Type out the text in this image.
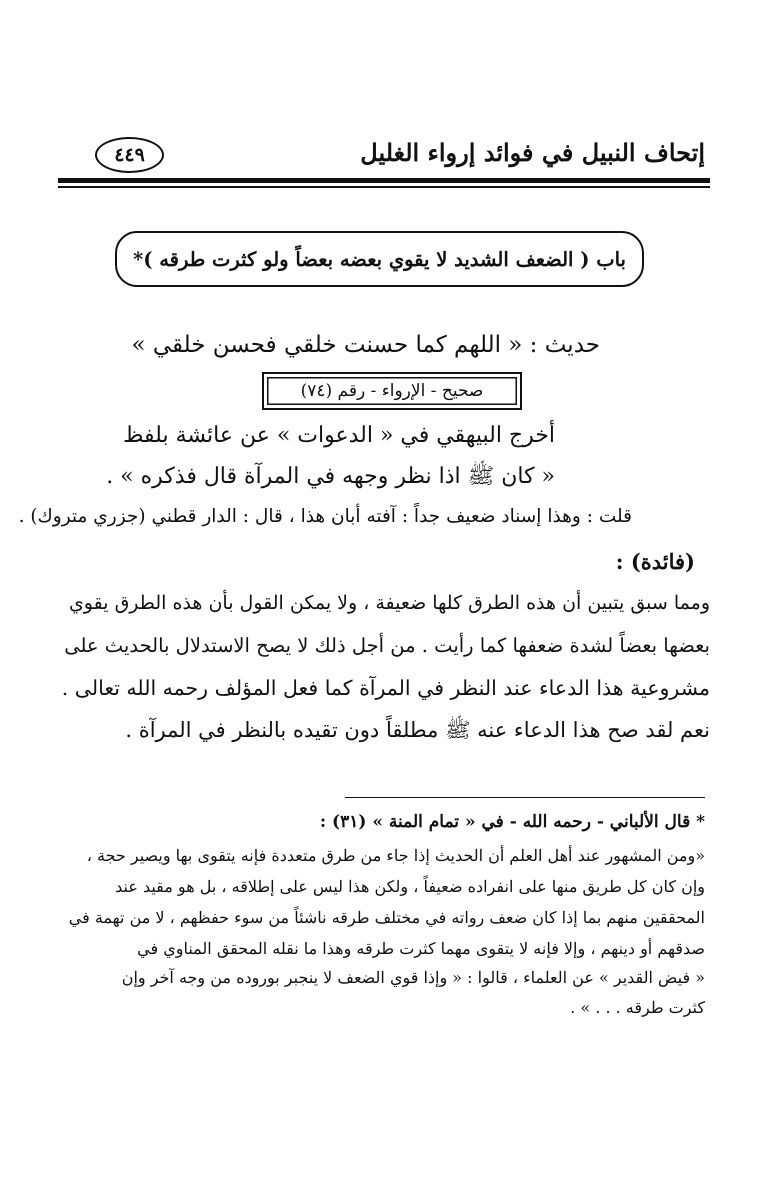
إتحاف النبيل في فوائد إرواء الغليل
٤٤٩
باب ( الضعف الشديد لا يقوي بعضه بعضاً ولو كثرت طرقه )*
حديث : « اللهم كما حسنت خلقي فحسن خلقي »
صحيح - الإرواء - رقم (٧٤)
أخرج البيهقي في « الدعوات » عن عائشة بلفظ
« كان ﷺ اذا نظر وجهه في المرآة قال فذكره » .
قلت : وهذا إسناد ضعيف جداً : آفته أبان هذا ، قال : الدار قطني (جزري متروك) .
(فائدة) :
ومما سبق يتبين أن هذه الطرق كلها ضعيفة ، ولا يمكن القول بأن هذه الطرق يقوي
بعضها بعضاً لشدة ضعفها كما رأيت . من أجل ذلك لا يصح الاستدلال بالحديث على
مشروعية هذا الدعاء عند النظر في المرآة كما فعل المؤلف رحمه الله تعالى .
نعم لقد صح هذا الدعاء عنه ﷺ مطلقاً دون تقيده بالنظر في المرآة .
* قال الألباني - رحمه الله - في « تمام المنة » (٣١) :
«ومن المشهور عند أهل العلم أن الحديث إذا جاء من طرق متعددة فإنه يتقوى بها ويصير حجة ،
وإن كان كل طريق منها على انفراده ضعيفاً ، ولكن هذا ليس على إطلاقه ، بل هو مقيد عند
المحققين منهم بما إذا كان ضعف رواته في مختلف طرقه ناشئاً من سوء حفظهم ، لا من تهمة في
صدقهم أو دينهم ، وإلا فإنه لا يتقوى مهما كثرت طرقه وهذا ما نقله المحقق المناوي في
« فيض القدير » عن العلماء ، قالوا : « وإذا قوي الضعف لا ينجبر بوروده من وجه آخر وإن
كثرت طرقه . . . » .
